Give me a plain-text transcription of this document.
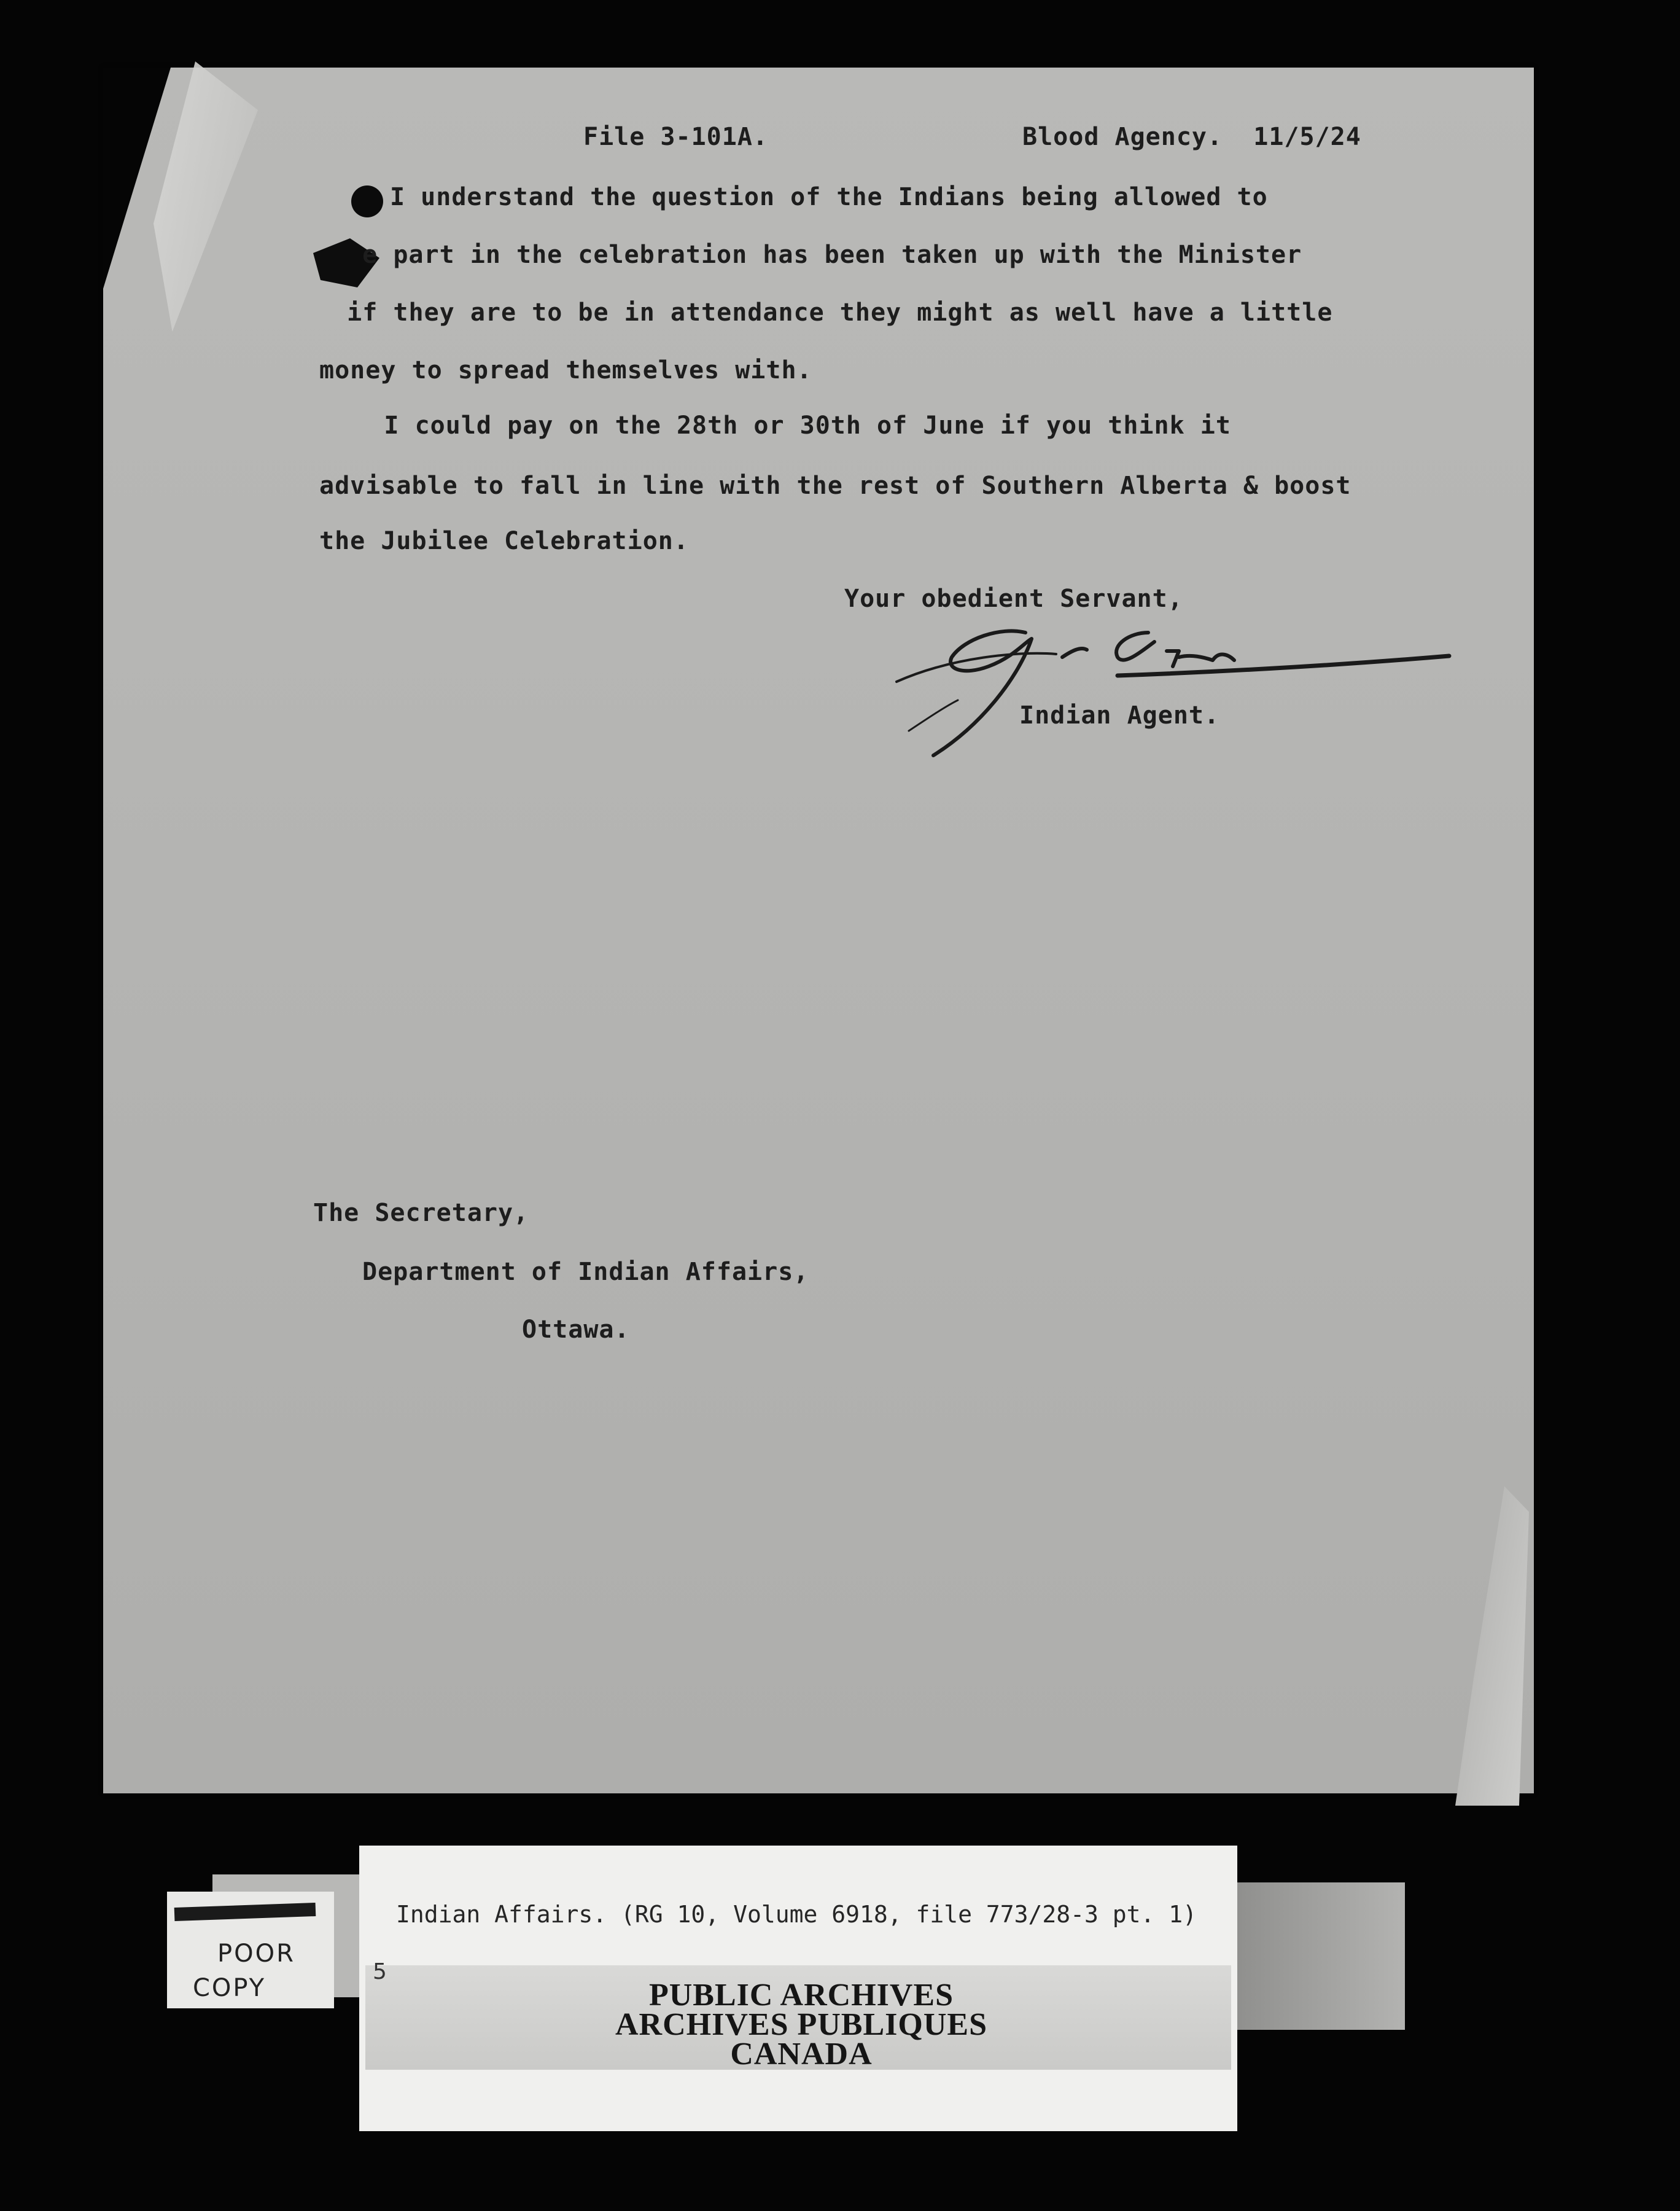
File 3-101A.	Blood Agency.  11/5/24
I understand the question of the Indians being allowed to
e part in the celebration has been taken up with the Minister
if they are to be in attendance they might as well have a little
money to spread themselves with.
I could pay on the 28th or 30th of June if you think it
advisable to fall in line with the rest of Southern Alberta & boost
the Jubilee Celebration.
Your obedient Servant,
Indian Agent.
The Secretary,
Department of Indian Affairs,
Ottawa.
Indian Affairs. (RG 10, Volume 6918, file 773/28-3 pt. 1)
5
PUBLIC ARCHIVES
ARCHIVES PUBLIQUES
CANADA
POOR
COPY
